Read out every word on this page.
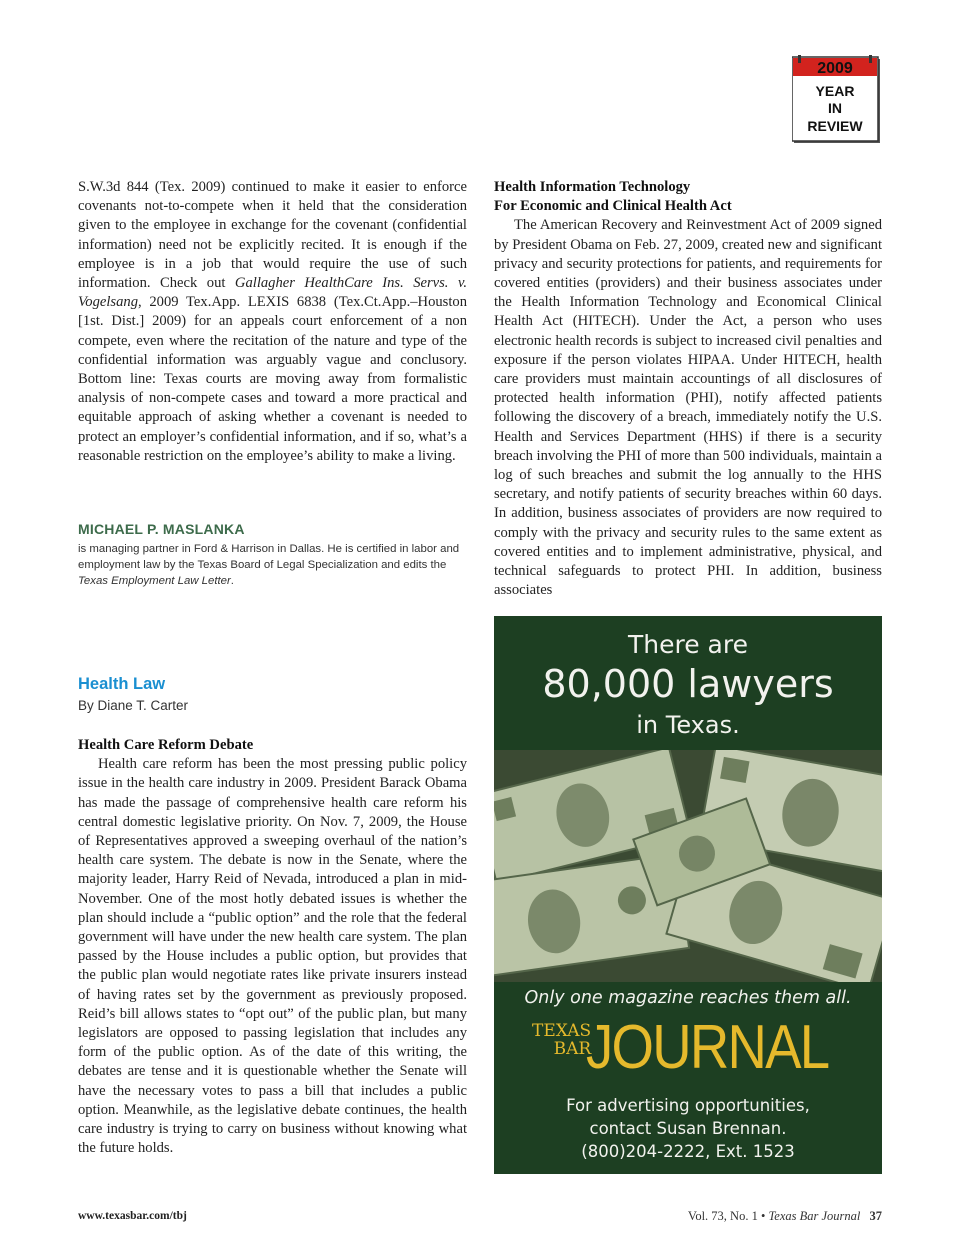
2009
YEAR
IN
REVIEW

S.W.3d 844 (Tex. 2009) continued to make it easier to enforce covenants not-to-compete when it held that the consideration given to the employee in exchange for the covenant (confidential information) need not be explicitly recited. It is enough if the employee is in a job that would require the use of such information. Check out Gallagher HealthCare Ins. Servs. v. Vogelsang, 2009 Tex.App. LEXIS 6838 (Tex.Ct.App.–Houston [1st. Dist.] 2009) for an appeals court enforcement of a non compete, even where the recitation of the nature and type of the confidential information was arguably vague and conclusory. Bottom line: Texas courts are moving away from formalistic analysis of non-compete cases and toward a more practical and equitable approach of asking whether a covenant is needed to protect an employer’s confidential information, and if so, what’s a reasonable restriction on the employee’s ability to make a living.

MICHAEL P. MASLANKA

is managing partner in Ford & Harrison in Dallas. He is certified in labor and employment law by the Texas Board of Legal Specialization and edits the Texas Employment Law Letter.

Health Law
By Diane T. Carter
Health Care Reform Debate

Health care reform has been the most pressing public policy issue in the health care industry in 2009. President Barack Obama has made the passage of comprehensive health care reform his central domestic legislative priority. On Nov. 7, 2009, the House of Representatives approved a sweeping overhaul of the nation’s health care system. The debate is now in the Senate, where the majority leader, Harry Reid of Nevada, introduced a plan in mid-November. One of the most hotly debated issues is whether the plan should include a “public option” and the role that the federal government will have under the new health care system. The plan passed by the House includes a public option, but provides that the public plan would negotiate rates like private insurers instead of having rates set by the government as previously proposed. Reid’s bill allows states to “opt out” of the public plan, but many legislators are opposed to passing legislation that includes any form of the public option. As of the date of this writing, the debates are tense and it is questionable whether the Senate will have the necessary votes to pass a bill that includes a public option. Meanwhile, as the legislative debate continues, the health care industry is trying to carry on business without knowing what the future holds.

Health Information Technology
For Economic and Clinical Health Act

The American Recovery and Reinvestment Act of 2009 signed by President Obama on Feb. 27, 2009, created new and significant privacy and security protections for patients, and requirements for covered entities (providers) and their business associates under the Health Information Technology and Economical Clinical Health Act (HITECH). Under the Act, a person who uses electronic health records is subject to increased civil penalties and exposure if the person violates HIPAA. Under HITECH, health care providers must maintain accountings of all disclosures of protected health information (PHI), notify affected patients following the discovery of a breach, immediately notify the U.S. Health and Services Department (HHS) if there is a security breach involving the PHI of more than 500 individuals, maintain a log of such breaches and submit the log annually to the HHS secretary, and notify patients of security breaches within 60 days. In addition, business associates of providers are now required to comply with the privacy and security rules to the same extent as covered entities and to implement administrative, physical, and technical safeguards to protect PHI. In addition, business associates

There are
80,000 lawyers
in Texas.
Only one magazine reaches them all.
TEXAS
BAR
JOURNAL
For advertising opportunities,
contact Susan Brennan.
(800)204-2222, Ext. 1523
www.texasbar.com/tbj	Vol. 73, No. 1 • Texas Bar Journal 37
